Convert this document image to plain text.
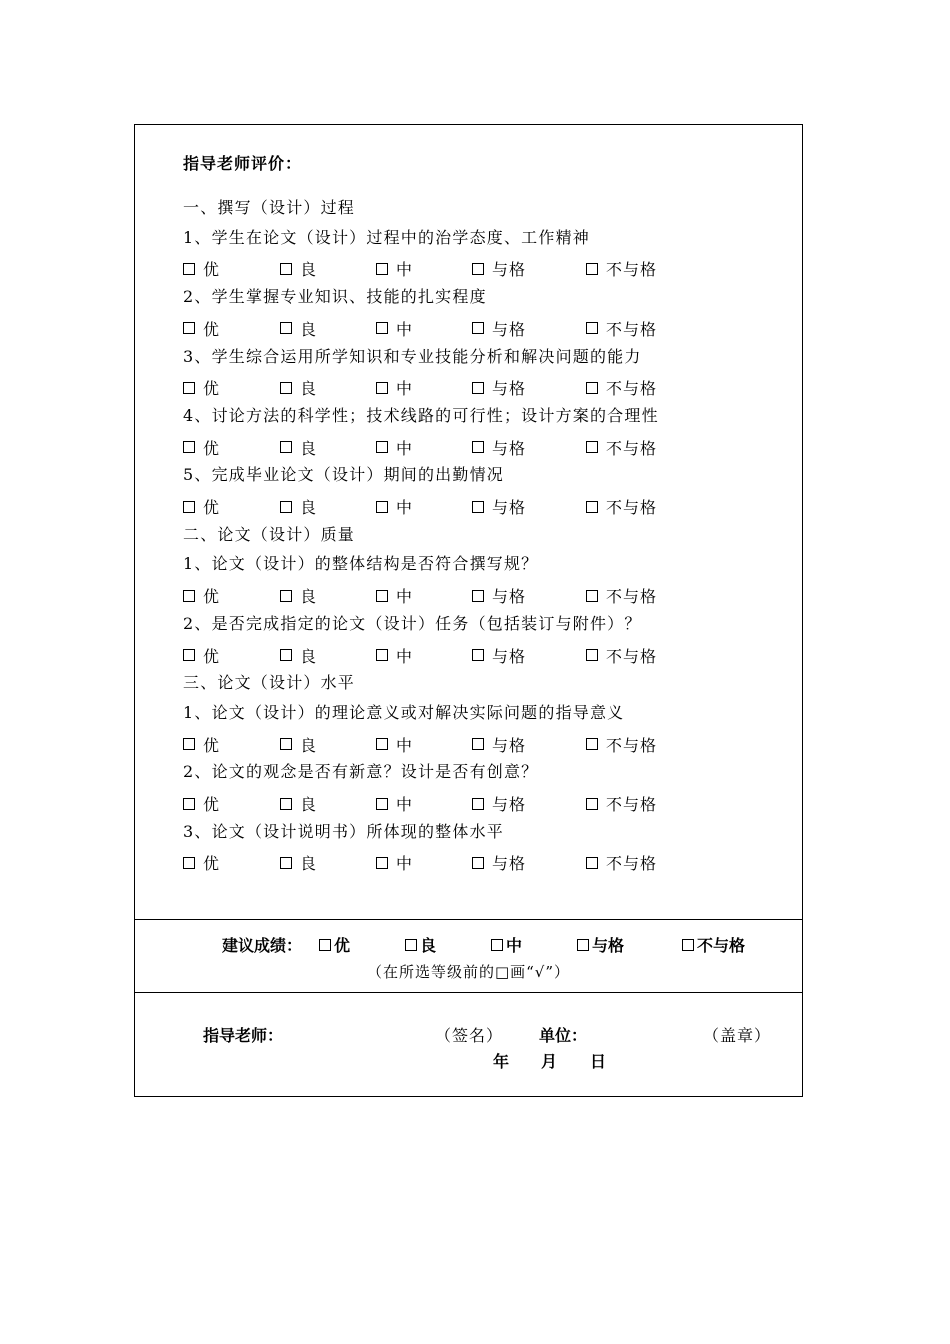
指导老师评价：
一、撰写（设计）过程
1、学生在论文（设计）过程中的治学态度、工作精神
优	良	中	与格	不与格
2、学生掌握专业知识、技能的扎实程度
优	良	中	与格	不与格
3、学生综合运用所学知识和专业技能分析和解决问题的能力
优	良	中	与格	不与格
4、讨论方法的科学性；技术线路的可行性；设计方案的合理性
优	良	中	与格	不与格
5、完成毕业论文（设计）期间的出勤情况
优	良	中	与格	不与格
二、论文（设计）质量
1、论文（设计）的整体结构是否符合撰写规？
优	良	中	与格	不与格
2、是否完成指定的论文（设计）任务（包括装订与附件）？
优	良	中	与格	不与格
三、论文（设计）水平
1、论文（设计）的理论意义或对解决实际问题的指导意义
优	良	中	与格	不与格
2、论文的观念是否有新意？设计是否有创意？
优	良	中	与格	不与格
3、论文（设计说明书）所体现的整体水平
优	良	中	与格	不与格
建议成绩： 优	良	中	与格	不与格
（在所选等级前的□画“√”）
指导老师：	（签名） 单位：	（盖章）
年 月 日
